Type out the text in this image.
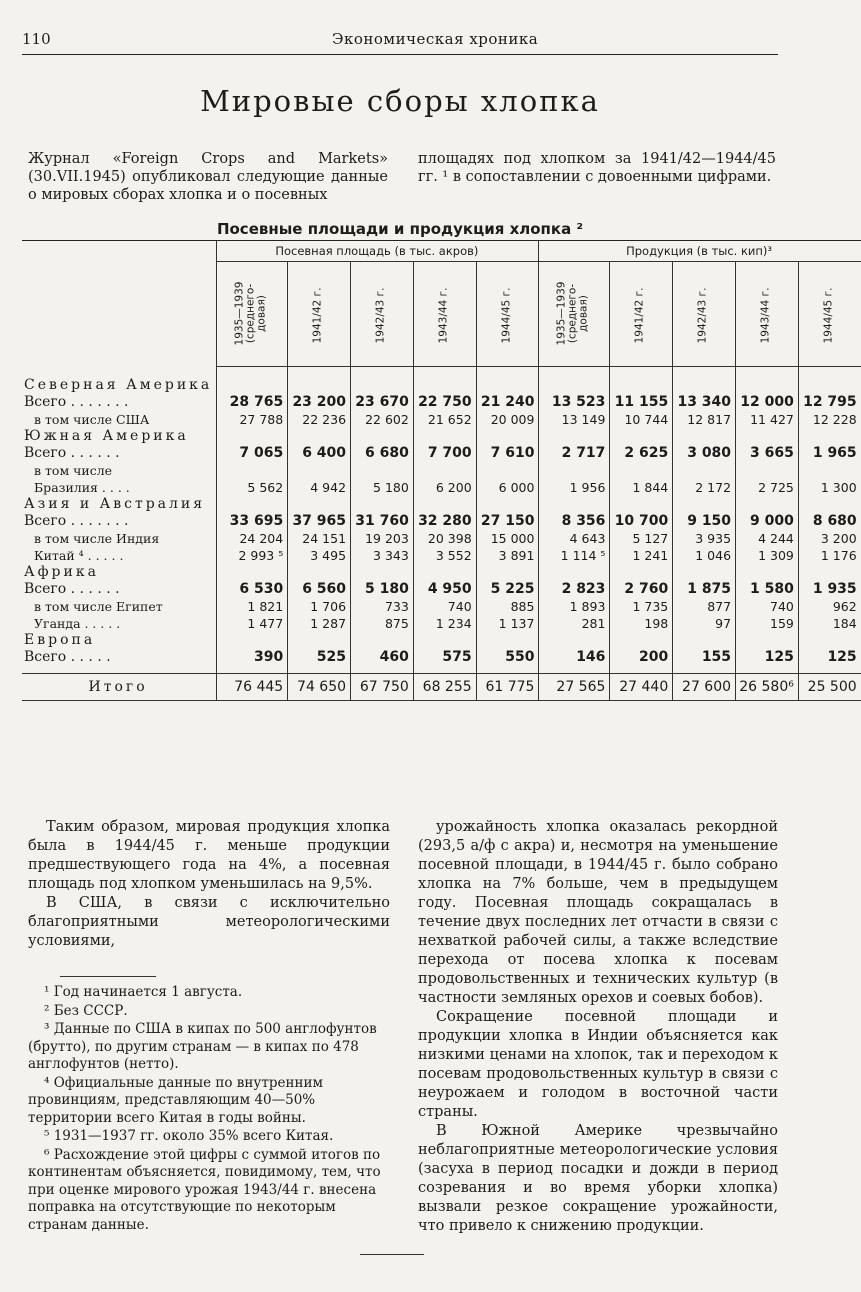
110	Экономическая хроника
Мировые сборы хлопка
Журнал «Foreign Crops and Markets» (30.VII.1945) опубликовал следующие данные о мировых сборах хлопка и о посевных
площадях под хлопком за 1941/42—1944/45 гг. ¹ в сопоставлении с довоенными цифрами.
Посевные площади и продукция хлопка ²
	Посевная площадь (в тыс. акров)					Продукция (в тыс. кип)³				
	1935—1939
(среднего-
довая)	1941/42 г.	1942/43 г.	1943/44 г.	1944/45 г.	1935—1939
(среднего-
довая)	1941/42 г.	1942/43 г.	1943/44 г.	1944/45 г.

Северная Америка										
Всего . . . . . . .	28 765	23 200	23 670	22 750	21 240	13 523	11 155	13 340	12 000	12 795
в том числе США	27 788	22 236	22 602	21 652	20 009	13 149	10 744	12 817	11 427	12 228
Южная Америка										
Всего . . . . . .	7 065	6 400	6 680	7 700	7 610	2 717	2 625	3 080	3 665	1 965
в том числе										
Бразилия . . . .	5 562	4 942	5 180	6 200	6 000	1 956	1 844	2 172	2 725	1 300
Азия и Австралия										
Всего . . . . . . .	33 695	37 965	31 760	32 280	27 150	8 356	10 700	9 150	9 000	8 680
в том числе Индия	24 204	24 151	19 203	20 398	15 000	4 643	5 127	3 935	4 244	3 200
Китай ⁴ . . . . .	2 993 ⁵	3 495	3 343	3 552	3 891	1 114 ⁵	1 241	1 046	1 309	1 176
Африка										
Всего . . . . . .	6 530	6 560	5 180	4 950	5 225	2 823	2 760	1 875	1 580	1 935
в том числе Египет	1 821	1 706	733	740	885	1 893	1 735	877	740	962
Уганда . . . . .	1 477	1 287	875	1 234	1 137	281	198	97	159	184
Европа										
Всего . . . . .	390	525	460	575	550	146	200	155	125	125

Итого	76 445	74 650	67 750	68 255	61 775	27 565	27 440	27 600	26 580⁶	25 500

Таким образом, мировая продукция хлопка была в 1944/45 г. меньше продукции предшествующего года на 4%, а посевная площадь под хлопком уменьшилась на 9,5%.

В США, в связи с исключительно благоприятными метеорологическими условиями,

¹ Год начинается 1 августа.

² Без СССР.

³ Данные по США в кипах по 500 англофунтов (брутто), по другим странам — в кипах по 478 англофунтов (нетто).

⁴ Официальные данные по внутренним провинциям, представляющим 40—50% территории всего Китая в годы войны.

⁵ 1931—1937 гг. около 35% всего Китая.

⁶ Расхождение этой цифры с суммой итогов по континентам объясняется, повидимому, тем, что при оценке мирового урожая 1943/44 г. внесена поправка на отсутствующие по некоторым странам данные.

урожайность хлопка оказалась рекордной (293,5 а/ф с акра) и, несмотря на уменьшение посевной площади, в 1944/45 г. было собрано хлопка на 7% больше, чем в предыдущем году. Посевная площадь сокращалась в течение двух последних лет отчасти в связи с нехваткой рабочей силы, а также вследствие перехода от посева хлопка к посевам продовольственных и технических культур (в частности земляных орехов и соевых бобов).

Сокращение посевной площади и продукции хлопка в Индии объясняется как низкими ценами на хлопок, так и переходом к посевам продовольственных культур в связи с неурожаем и голодом в восточной части страны.

В Южной Америке чрезвычайно неблагоприятные метеорологические условия (засуха в период посадки и дожди в период созревания и во время уборки хлопка) вызвали резкое сокращение урожайности, что привело к снижению продукции.
